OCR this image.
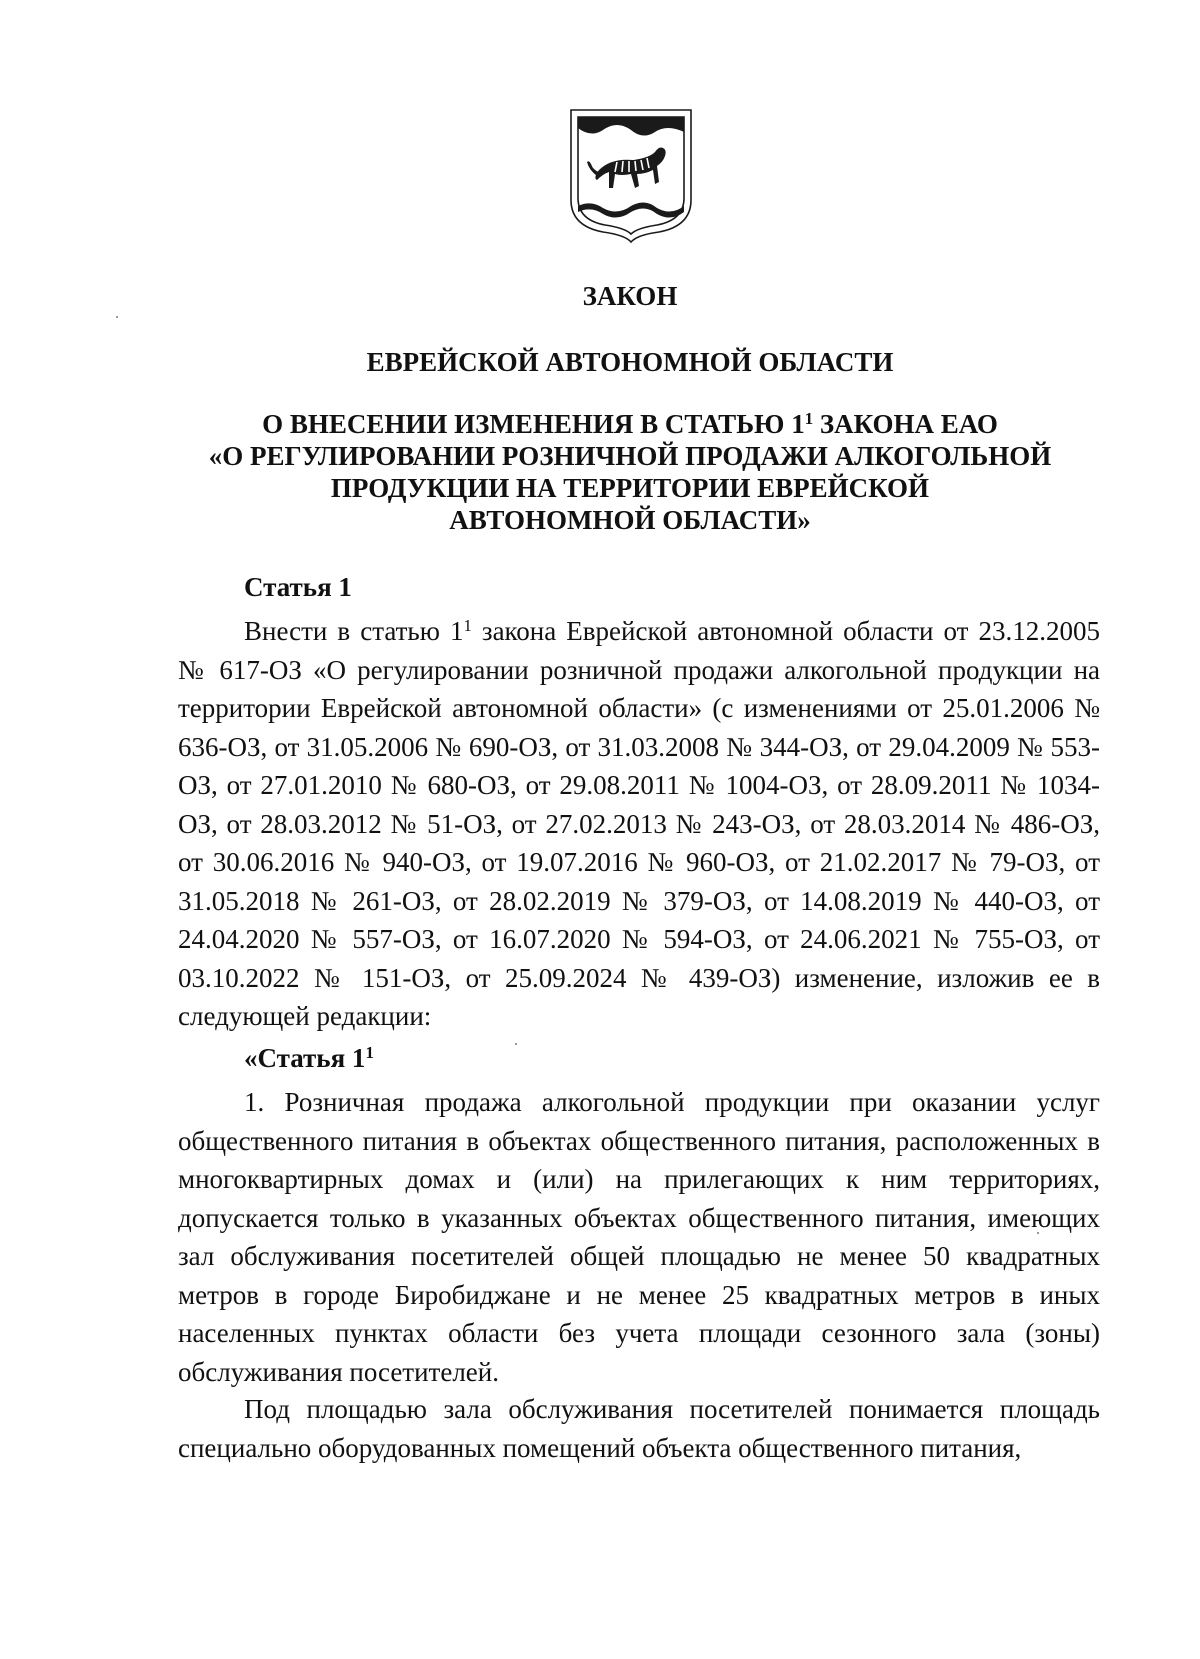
ЗАКОН

ЕВРЕЙСКОЙ АВТОНОМНОЙ ОБЛАСТИ

О ВНЕСЕНИИ ИЗМЕНЕНИЯ В СТАТЬЮ $1^1$ ЗАКОНА ЕАО
«О РЕГУЛИРОВАНИИ РОЗНИЧНОЙ ПРОДАЖИ АЛКОГОЛЬНОЙ
ПРОДУКЦИИ НА ТЕРРИТОРИИ ЕВРЕЙСКОЙ
АВТОНОМНОЙ ОБЛАСТИ»

Статья 1

Внести в статью $1^1$ закона Еврейской автономной области от 23.12.2005 № 617-ОЗ «О регулировании розничной продажи алкогольной продукции на территории Еврейской автономной области» (с изменениями от 25.01.2006 № 636-ОЗ, от 31.05.2006 № 690-ОЗ, от 31.03.2008 № 344-ОЗ, от 29.04.2009 № 553-ОЗ, от 27.01.2010 № 680-ОЗ, от 29.08.2011 № 1004-ОЗ, от 28.09.2011 № 1034-ОЗ, от 28.03.2012 № 51-ОЗ, от 27.02.2013 № 243-ОЗ, от 28.03.2014 № 486-ОЗ, от 30.06.2016 № 940-ОЗ, от 19.07.2016 № 960-ОЗ, от 21.02.2017 № 79-ОЗ, от 31.05.2018 № 261-ОЗ, от 28.02.2019 № 379-ОЗ, от 14.08.2019 № 440-ОЗ, от 24.04.2020 № 557-ОЗ, от 16.07.2020 № 594-ОЗ, от 24.06.2021 № 755-ОЗ, от 03.10.2022 № 151-ОЗ, от 25.09.2024 № 439-ОЗ) изменение, изложив ее в следующей редакции:

«Статья $1^1$

1. Розничная продажа алкогольной продукции при оказании услуг общественного питания в объектах общественного питания, расположенных в многоквартирных домах и (или) на прилегающих к ним территориях, допускается только в указанных объектах общественного питания, имеющих зал обслуживания посетителей общей площадью не менее 50 квадратных метров в городе Биробиджане и не менее 25 квадратных метров в иных населенных пунктах области без учета площади сезонного зала (зоны) обслуживания посетителей.

Под площадью зала обслуживания посетителей понимается площадь специально оборудованных помещений объекта общественного питания,
